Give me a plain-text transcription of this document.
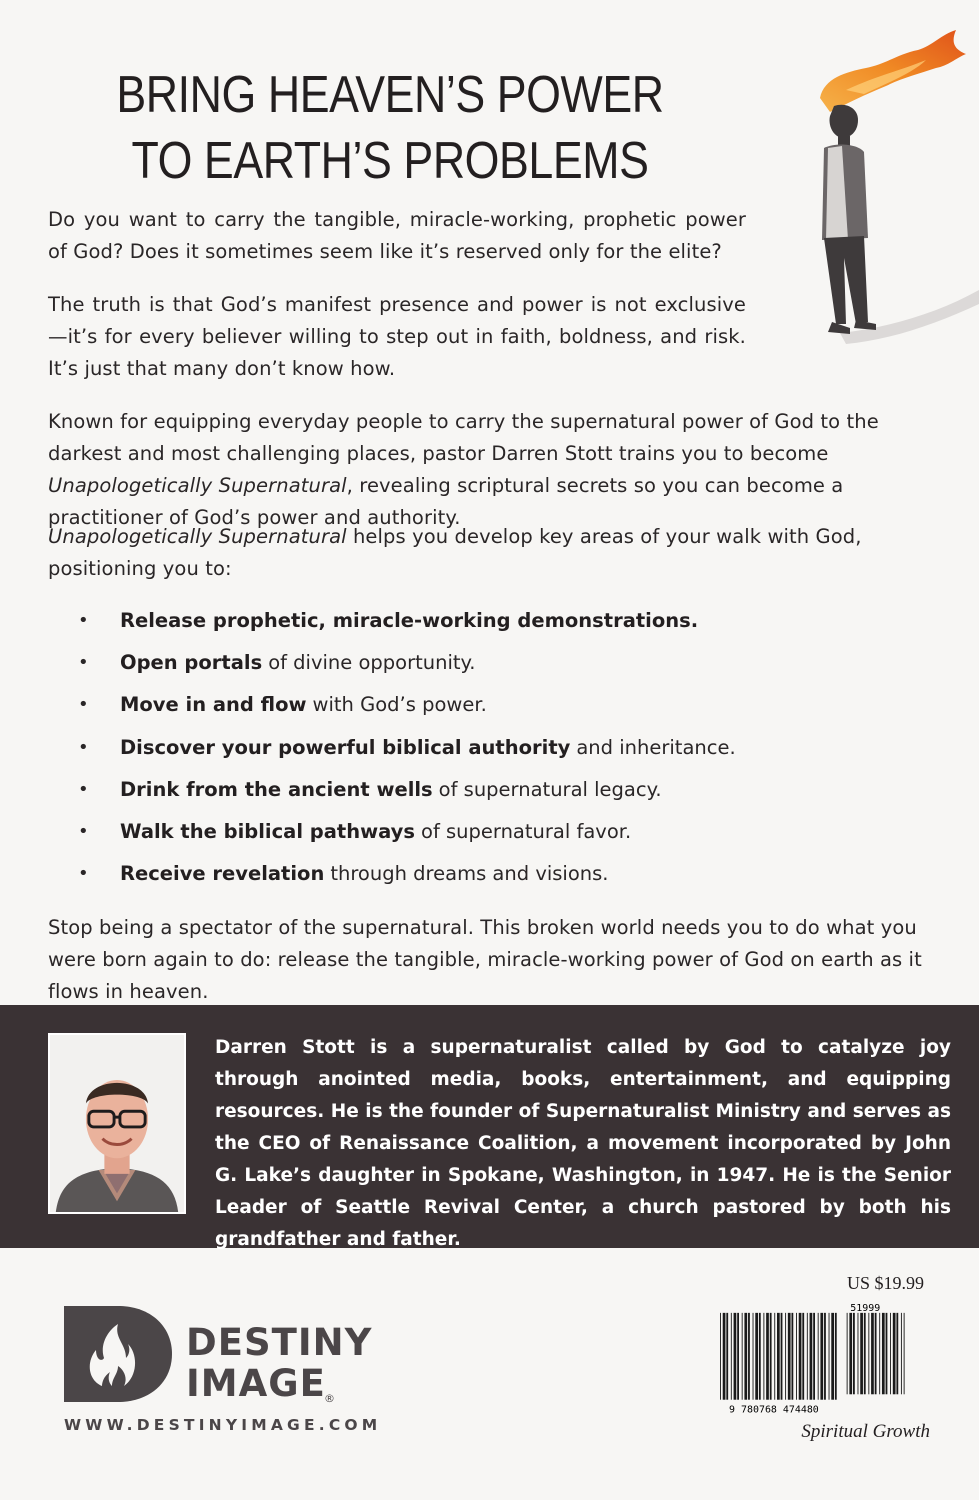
BRING HEAVEN’S POWER
TO EARTH’S PROBLEMS
Do you want to carry the tangible, miracle-working, prophetic power of God? Does it sometimes seem like it’s reserved only for the elite?
The truth is that God’s manifest presence and power is not exclusive—it’s for every believer willing to step out in faith, boldness, and risk. It’s just that many don’t know how.
Known for equipping everyday people to carry the supernatural power of God to the darkest and most challenging places, pastor Darren Stott trains you to become Unapologetically Supernatural, revealing scriptural secrets so you can become a practitioner of God’s power and authority.
Unapologetically Supernatural helps you develop key areas of your walk with God, positioning you to:
•	Release prophetic, miracle-working demonstrations.
•	Open portals of divine opportunity.
•	Move in and flow with God’s power.
•	Discover your powerful biblical authority and inheritance.
•	Drink from the ancient wells of supernatural legacy.
•	Walk the biblical pathways of supernatural favor.
•	Receive revelation through dreams and visions.
Stop being a spectator of the supernatural. This broken world needs you to do what you were born again to do: release the tangible, miracle-working power of God on earth as it flows in heaven.
Darren Stott is a supernaturalist called by God to catalyze joy through anointed media, books, entertainment, and equipping resources. He is the founder of Supernaturalist Ministry and serves as the CEO of Renaissance Coalition, a movement incorporated by John G. Lake’s daughter in Spokane, Washington, in 1947. He is the Senior Leader of Seattle Revival Center, a church pastored by both his grandfather and father.
DESTINY
IMAGE
®
WWW.DESTINYIMAGE.COM
US $19.99
9 780768 474480
51999
Spiritual Growth
